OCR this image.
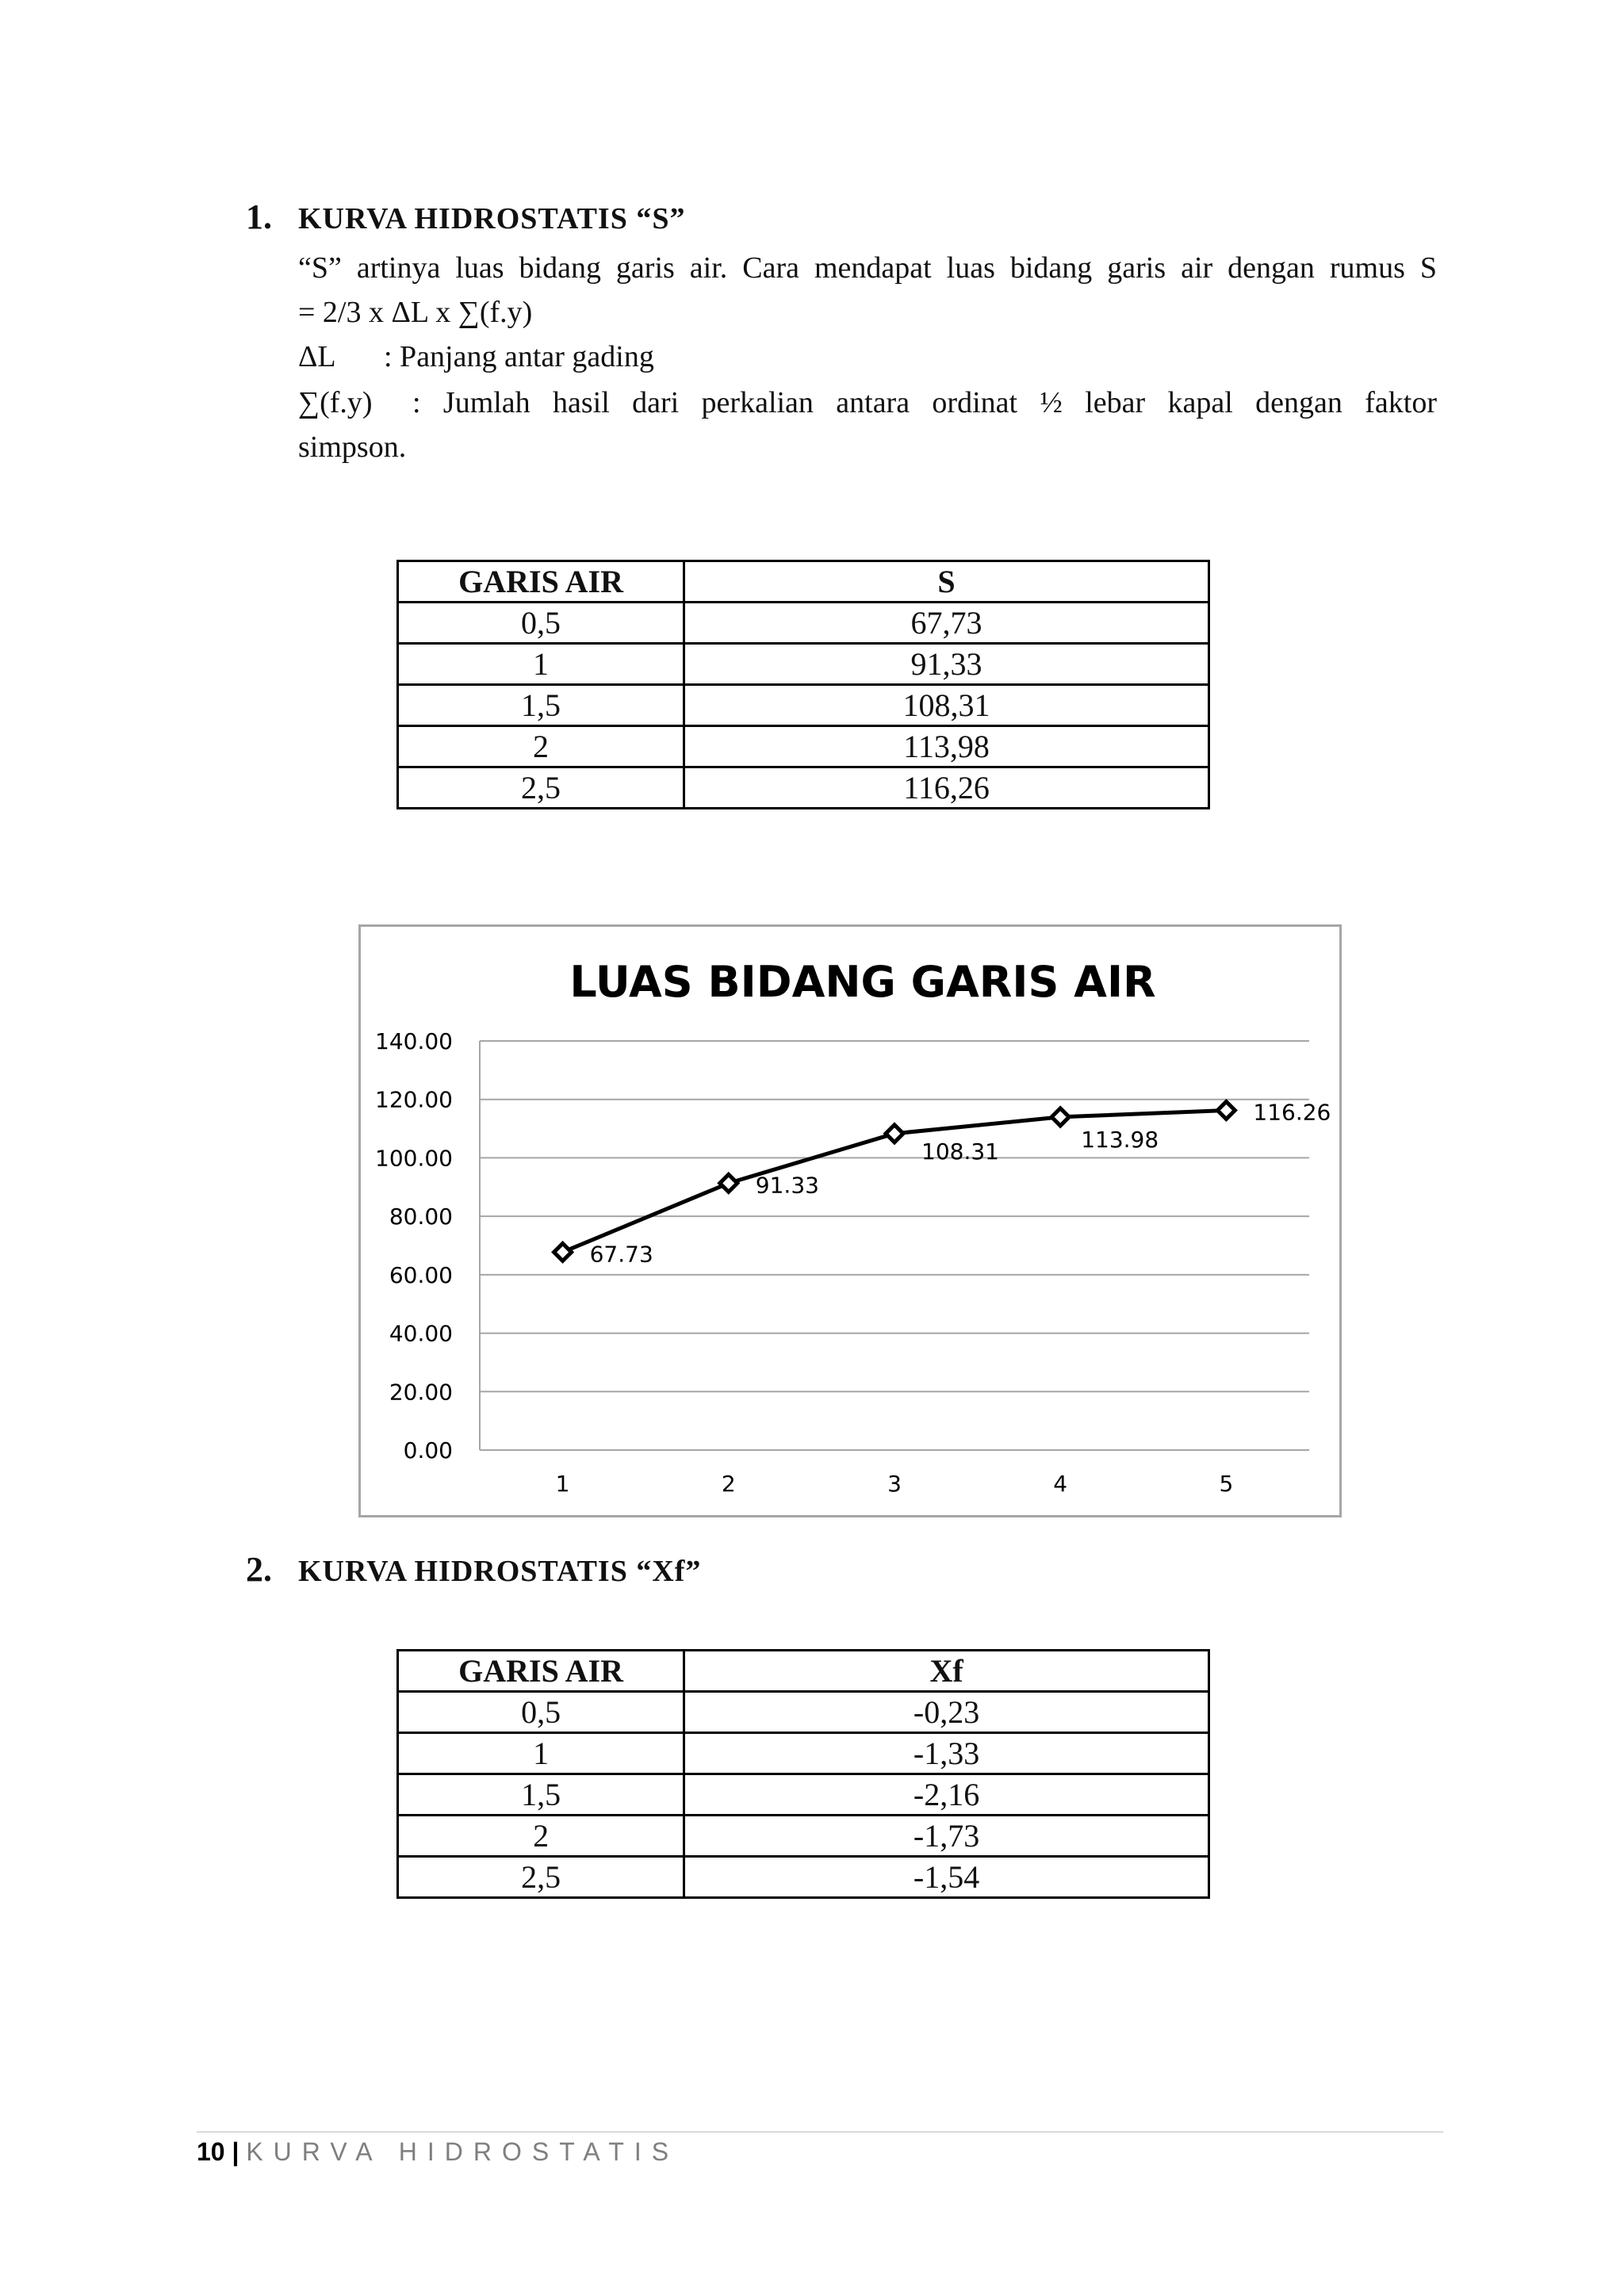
1. KURVA HIDROSTATIS “S”
“S” artinya luas bidang garis air. Cara mendapat luas bidang garis air dengan rumus S
= 2/3 x ΔL x ∑(f.y)
ΔL : Panjang antar gading
∑(f.y) : Jumlah hasil dari perkalian antara ordinat ½ lebar kapal dengan faktor
simpson.
GARIS AIR	S
0,5	67,73
1	91,33
1,5	108,31
2	113,98
2,5	116,26
LUAS BIDANG GARIS AIR
0.00
20.00
40.00
60.00
80.00
100.00
120.00
140.00
1	2	3	4	5
67.73
91.33
108.31	113.98
116.26
2. KURVA HIDROSTATIS “Xf”
GARIS AIR	Xf
0,5	-0,23
1	-1,33
1,5	-2,16
2	-1,73
2,5	-1,54
10 | KURVA HIDROSTATIS
